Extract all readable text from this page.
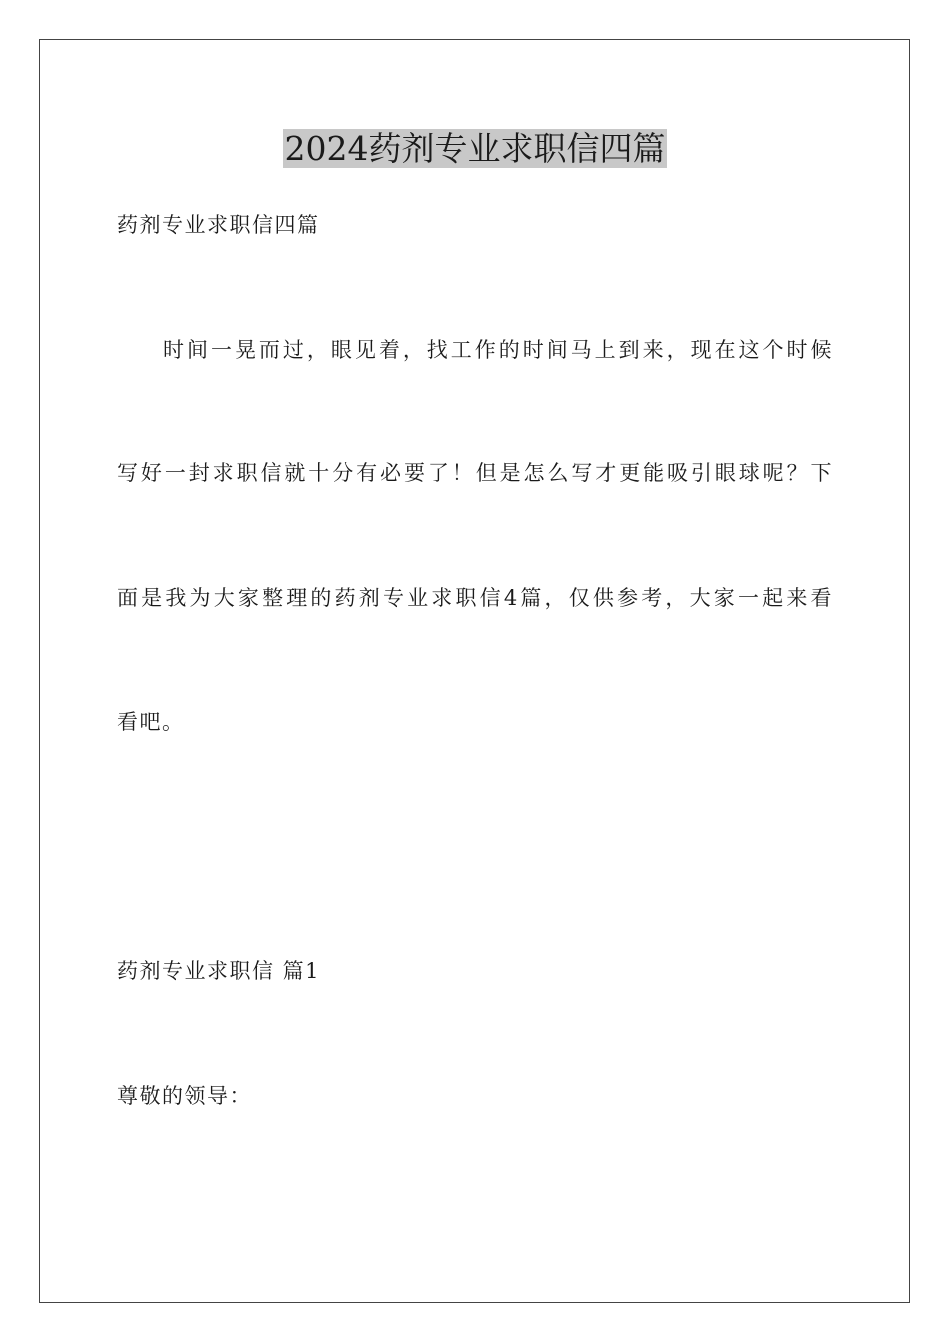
2024药剂专业求职信四篇
药剂专业求职信四篇
时间一晃而过，眼见着，找工作的时间马上到来，现在这个时候
写好一封求职信就十分有必要了！但是怎么写才更能吸引眼球呢？下
面是我为大家整理的药剂专业求职信4篇，仅供参考，大家一起来看
看吧。
药剂专业求职信 篇1
尊敬的领导：
